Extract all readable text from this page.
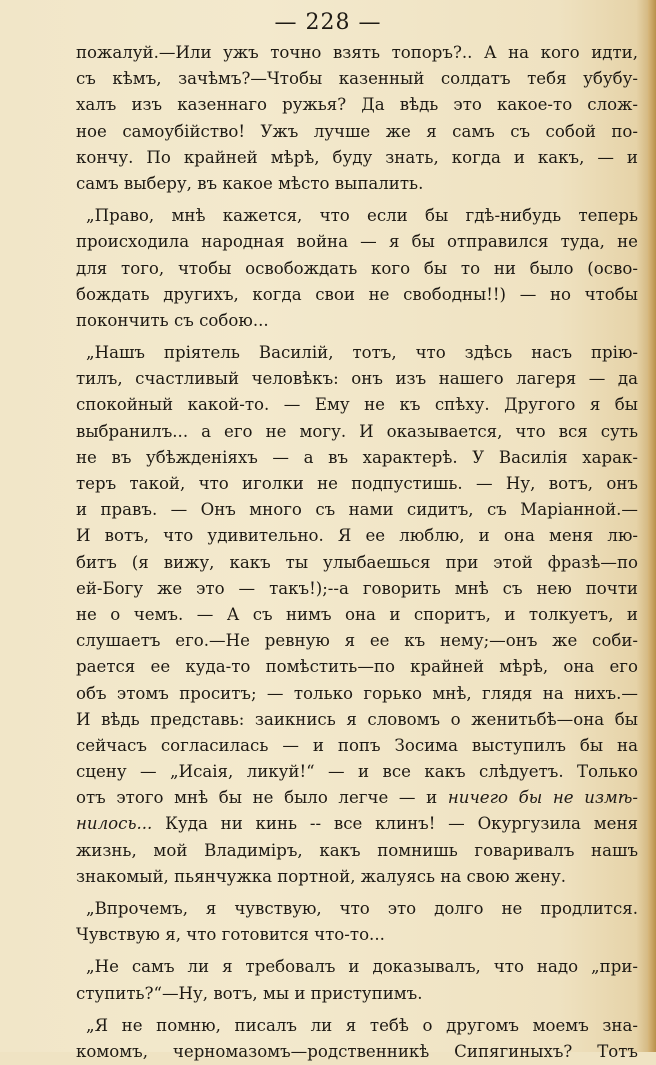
— 228 —
пожалуй.—Или ужъ точно взять топоръ?.. А на кого идти,
съ кѣмъ, зачѣмъ?—Чтобы казенный солдатъ тебя убубу-
халъ изъ казеннаго ружья? Да вѣдь это какое-то слож-
ное самоубійство! Ужъ лучше же я самъ съ собой по-
кончу. По крайней мѣрѣ, буду знать, когда и какъ, — и
самъ выберу, въ какое мѣсто выпалить.
„Право, мнѣ кажется, что если бы гдѣ-нибудь теперь
происходила народная война — я бы отправился туда, не
для того, чтобы освобождать кого бы то ни было (осво-
бождать другихъ, когда свои не свободны!!) — но чтобы
покончить съ собою...
„Нашъ пріятель Василій, тотъ, что здѣсь насъ прію-
тилъ, счастливый человѣкъ: онъ изъ нашего лагеря — да
спокойный какой-то. — Ему не къ спѣху. Другого я бы
выбранилъ... а его не могу. И оказывается, что вся суть
не въ убѣжденіяхъ — а въ характерѣ. У Василія харак-
теръ такой, что иголки не подпустишь. — Ну, вотъ, онъ
и правъ. — Онъ много съ нами сидитъ, съ Маріанной.—
И вотъ, что удивительно. Я ее люблю, и она меня лю-
битъ (я вижу, какъ ты улыбаешься при этой фразѣ—по
ей-Богу же это — такъ!);--а говорить мнѣ съ нею почти
не о чемъ. — А съ нимъ она и споритъ, и толкуетъ, и
слушаетъ его.—Не ревную я ее къ нему;—онъ же соби-
рается ее куда-то помѣстить—по крайней мѣрѣ, она его
объ этомъ проситъ; — только горько мнѣ, глядя на нихъ.—
И вѣдь представь: заикнись я словомъ о женитьбѣ—она бы
сейчасъ согласилась — и попъ Зосима выступилъ бы на
сцену — „Исаія, ликуй!“ — и все какъ слѣдуетъ. Только
отъ этого мнѣ бы не было легче — и ничего бы не измѣ-
нилось... Куда ни кинь -- все клинъ! — Окургузила меня
жизнь, мой Владиміръ, какъ помнишь говаривалъ нашъ
знакомый, пьянчужка портной, жалуясь на свою жену.
„Впрочемъ, я чувствую, что это долго не продлится.
Чувствую я, что готовится что-то...
„Не самъ ли я требовалъ и доказывалъ, что надо „при-
ступить?“—Ну, вотъ, мы и приступимъ.
„Я не помню, писалъ ли я тебѣ о другомъ моемъ зна-
комомъ, черномазомъ—родственникѣ Сипягиныхъ? Тотъ
